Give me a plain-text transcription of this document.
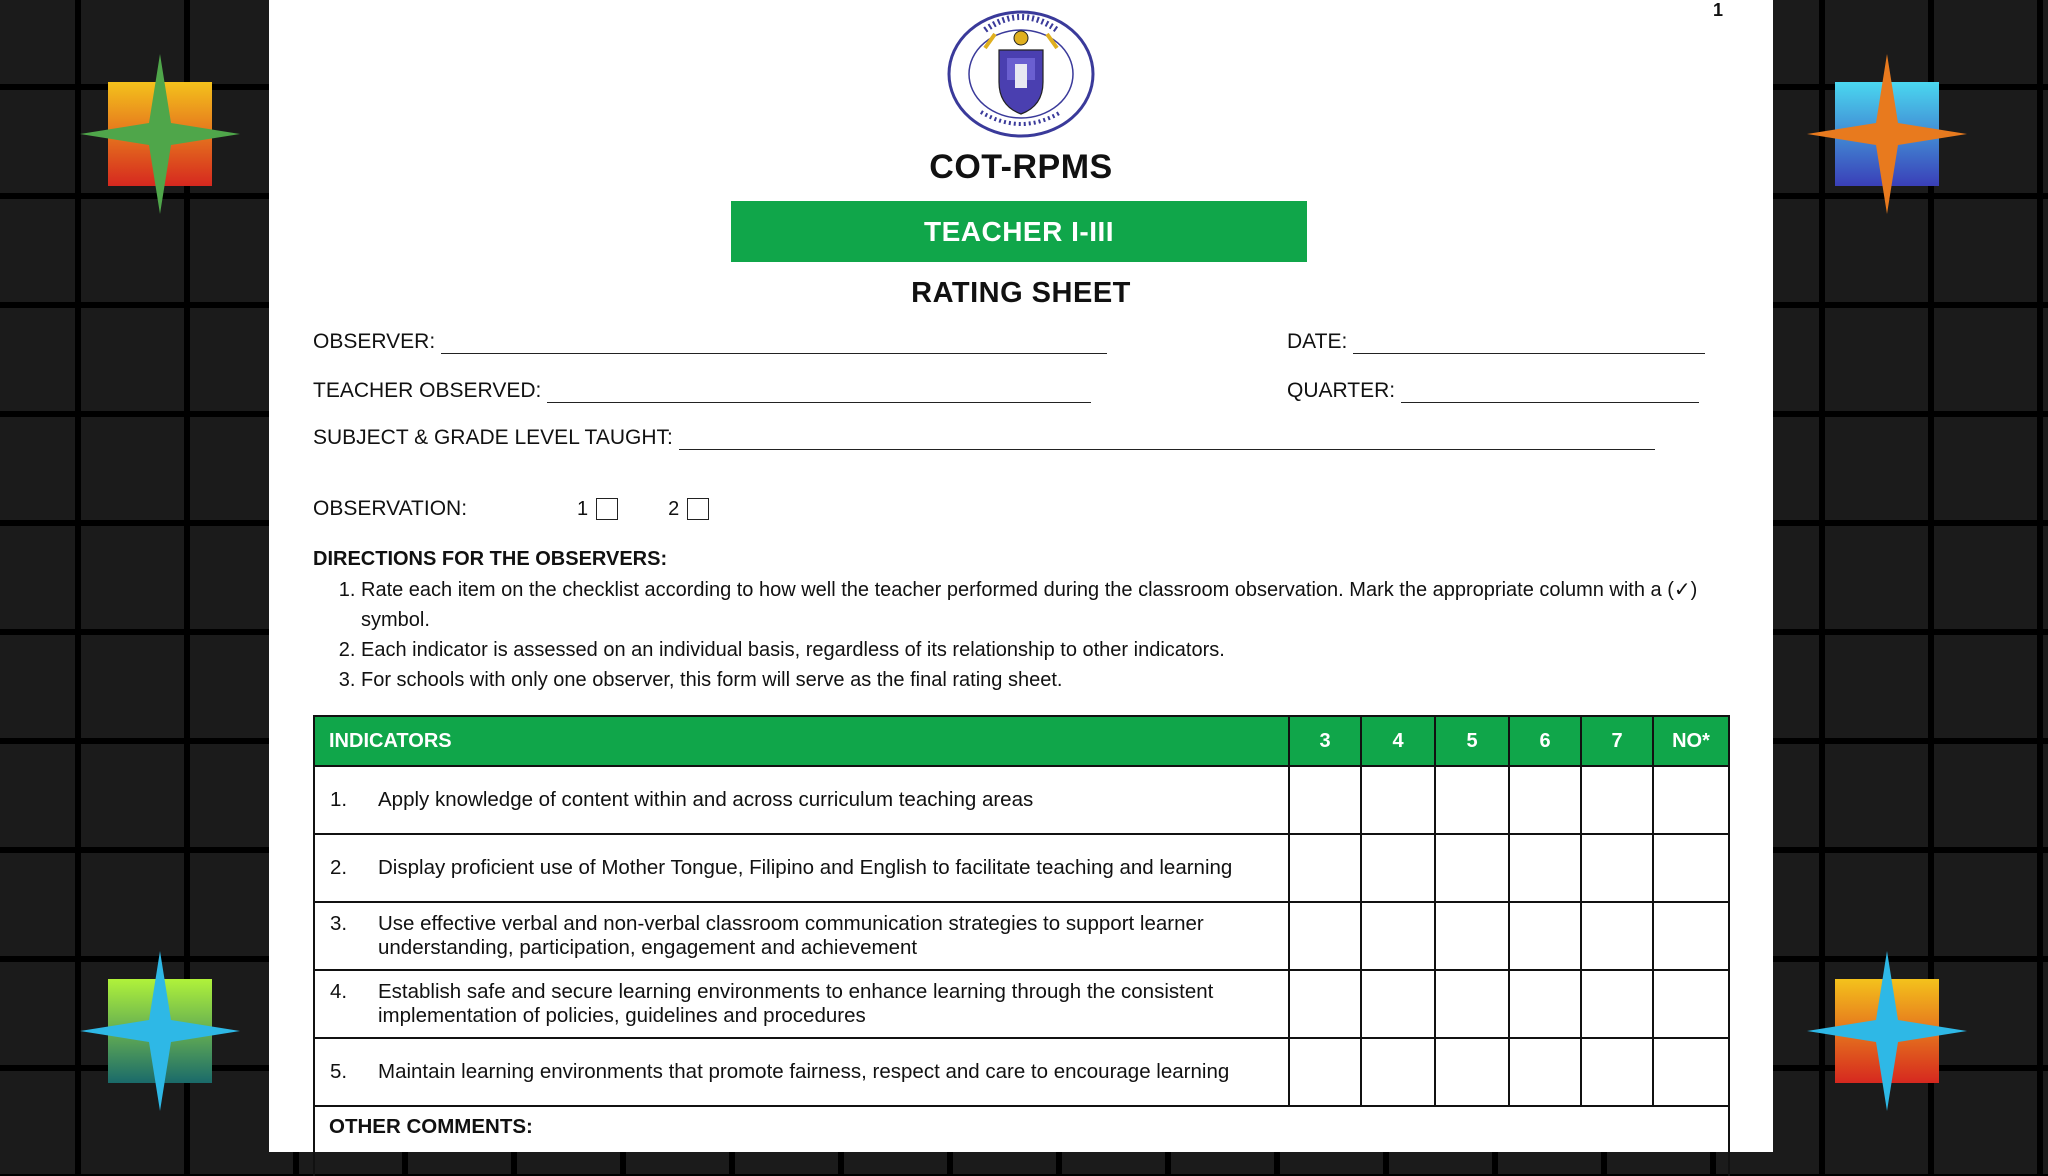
1
COT-RPMS
TEACHER I-III
RATING SHEET
OBSERVER:	DATE:
TEACHER OBSERVED:	QUARTER:
SUBJECT & GRADE LEVEL TAUGHT:
OBSERVATION:	1	2
DIRECTIONS FOR THE OBSERVERS:
1. Rate each item on the checklist according to how well the teacher performed during the classroom observation. Mark the appropriate column with a (✓) symbol.
2. Each indicator is assessed on an individual basis, regardless of its relationship to other indicators.
3. For schools with only one observer, this form will serve as the final rating sheet.
INDICATORS	3	4	5	6	7	NO*

1. Apply knowledge of content within and across curriculum teaching areas						

2. Display proficient use of Mother Tongue, Filipino and English to facilitate teaching and learning						

3. Use effective verbal and non-verbal classroom communication strategies to support learner understanding, participation, engagement and achievement						

4. Establish safe and secure learning environments to enhance learning through the consistent implementation of policies, guidelines and procedures						

5. Maintain learning environments that promote fairness, respect and care to encourage learning						

OTHER COMMENTS:						
